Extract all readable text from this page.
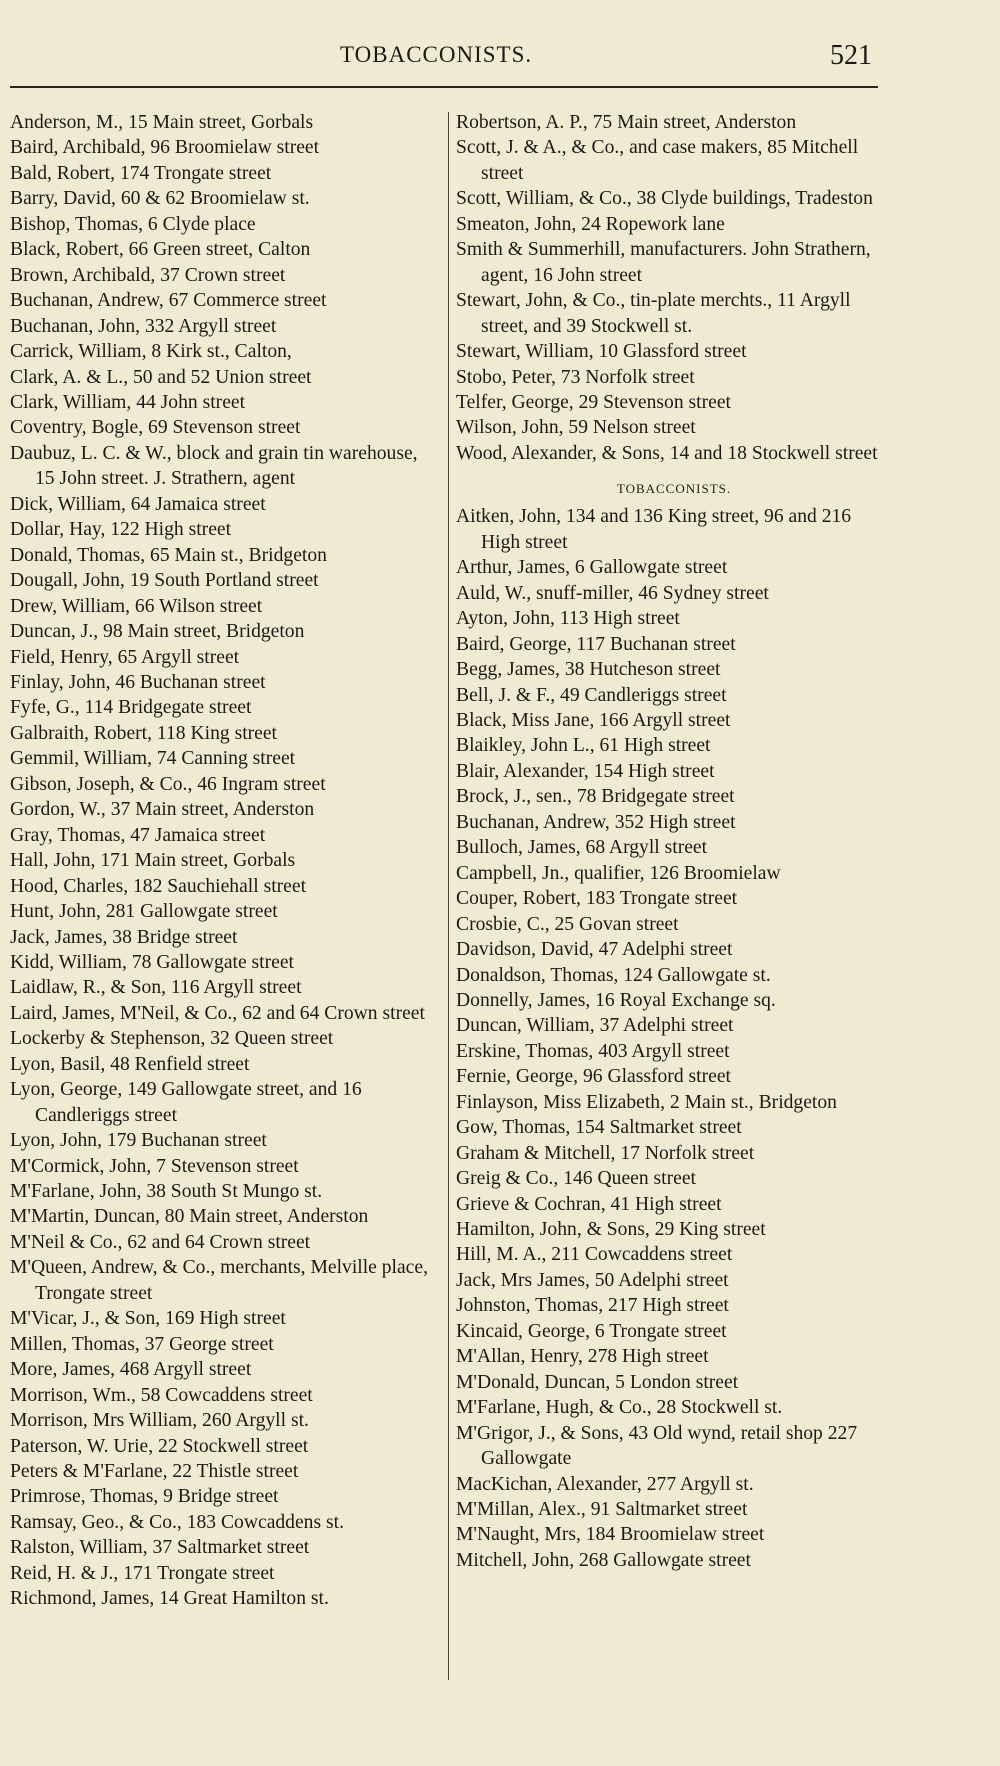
TOBACCONISTS.	521

Anderson, M., 15 Main street, Gorbals

Baird, Archibald, 96 Broomielaw street

Bald, Robert, 174 Trongate street

Barry, David, 60 & 62 Broomielaw st.

Bishop, Thomas, 6 Clyde place

Black, Robert, 66 Green street, Calton

Brown, Archibald, 37 Crown street

Buchanan, Andrew, 67 Commerce street

Buchanan, John, 332 Argyll street

Carrick, William, 8 Kirk st., Calton,

Clark, A. & L., 50 and 52 Union street

Clark, William, 44 John street

Coventry, Bogle, 69 Stevenson street

Daubuz, L. C. & W., block and grain tin warehouse, 15 John street. J. Strathern, agent

Dick, William, 64 Jamaica street

Dollar, Hay, 122 High street

Donald, Thomas, 65 Main st., Bridgeton

Dougall, John, 19 South Portland street

Drew, William, 66 Wilson street

Duncan, J., 98 Main street, Bridgeton

Field, Henry, 65 Argyll street

Finlay, John, 46 Buchanan street

Fyfe, G., 114 Bridgegate street

Galbraith, Robert, 118 King street

Gemmil, William, 74 Canning street

Gibson, Joseph, & Co., 46 Ingram street

Gordon, W., 37 Main street, Anderston

Gray, Thomas, 47 Jamaica street

Hall, John, 171 Main street, Gorbals

Hood, Charles, 182 Sauchiehall street

Hunt, John, 281 Gallowgate street

Jack, James, 38 Bridge street

Kidd, William, 78 Gallowgate street

Laidlaw, R., & Son, 116 Argyll street

Laird, James, M'Neil, & Co., 62 and 64 Crown street

Lockerby & Stephenson, 32 Queen street

Lyon, Basil, 48 Renfield street

Lyon, George, 149 Gallowgate street, and 16 Candleriggs street

Lyon, John, 179 Buchanan street

M'Cormick, John, 7 Stevenson street

M'Farlane, John, 38 South St Mungo st.

M'Martin, Duncan, 80 Main street, Anderston

M'Neil & Co., 62 and 64 Crown street

M'Queen, Andrew, & Co., merchants, Melville place, Trongate street

M'Vicar, J., & Son, 169 High street

Millen, Thomas, 37 George street

More, James, 468 Argyll street

Morrison, Wm., 58 Cowcaddens street

Morrison, Mrs William, 260 Argyll st.

Paterson, W. Urie, 22 Stockwell street

Peters & M'Farlane, 22 Thistle street

Primrose, Thomas, 9 Bridge street

Ramsay, Geo., & Co., 183 Cowcaddens st.

Ralston, William, 37 Saltmarket street

Reid, H. & J., 171 Trongate street

Richmond, James, 14 Great Hamilton st.

Robertson, A. P., 75 Main street, Anderston

Scott, J. & A., & Co., and case makers, 85 Mitchell street

Scott, William, & Co., 38 Clyde buildings, Tradeston

Smeaton, John, 24 Ropework lane

Smith & Summerhill, manufacturers. John Strathern, agent, 16 John street

Stewart, John, & Co., tin-plate merchts., 11 Argyll street, and 39 Stockwell st.

Stewart, William, 10 Glassford street

Stobo, Peter, 73 Norfolk street

Telfer, George, 29 Stevenson street

Wilson, John, 59 Nelson street

Wood, Alexander, & Sons, 14 and 18 Stockwell street

TOBACCONISTS.

Aitken, John, 134 and 136 King street, 96 and 216 High street

Arthur, James, 6 Gallowgate street

Auld, W., snuff-miller, 46 Sydney street

Ayton, John, 113 High street

Baird, George, 117 Buchanan street

Begg, James, 38 Hutcheson street

Bell, J. & F., 49 Candleriggs street

Black, Miss Jane, 166 Argyll street

Blaikley, John L., 61 High street

Blair, Alexander, 154 High street

Brock, J., sen., 78 Bridgegate street

Buchanan, Andrew, 352 High street

Bulloch, James, 68 Argyll street

Campbell, Jn., qualifier, 126 Broomielaw

Couper, Robert, 183 Trongate street

Crosbie, C., 25 Govan street

Davidson, David, 47 Adelphi street

Donaldson, Thomas, 124 Gallowgate st.

Donnelly, James, 16 Royal Exchange sq.

Duncan, William, 37 Adelphi street

Erskine, Thomas, 403 Argyll street

Fernie, George, 96 Glassford street

Finlayson, Miss Elizabeth, 2 Main st., Bridgeton

Gow, Thomas, 154 Saltmarket street

Graham & Mitchell, 17 Norfolk street

Greig & Co., 146 Queen street

Grieve & Cochran, 41 High street

Hamilton, John, & Sons, 29 King street

Hill, M. A., 211 Cowcaddens street

Jack, Mrs James, 50 Adelphi street

Johnston, Thomas, 217 High street

Kincaid, George, 6 Trongate street

M'Allan, Henry, 278 High street

M'Donald, Duncan, 5 London street

M'Farlane, Hugh, & Co., 28 Stockwell st.

M'Grigor, J., & Sons, 43 Old wynd, retail shop 227 Gallowgate

MacKichan, Alexander, 277 Argyll st.

M'Millan, Alex., 91 Saltmarket street

M'Naught, Mrs, 184 Broomielaw street

Mitchell, John, 268 Gallowgate street
